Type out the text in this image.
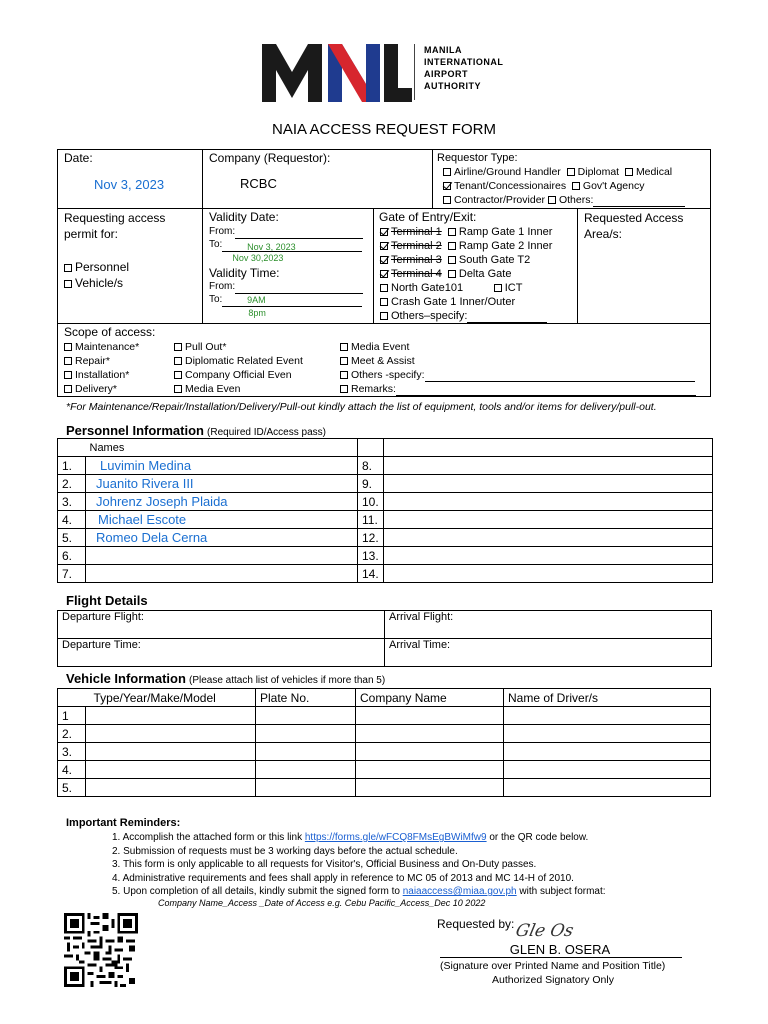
MANILA
INTERNATIONAL
AIRPORT
AUTHORITY
NAIA ACCESS REQUEST FORM
Date:
Nov 3, 2023
Company (Requestor):
RCBC
Requestor Type:
Airline/Ground Handler Diplomat Medical
Tenant/Concessionaires Gov't Agency
Contractor/Provider Others:
Requesting access
permit for:
Personnel
Vehicle/s
Validity Date:
From:
Nov 3, 2023
To:
Nov 30,2023
Validity Time:
From:
9AM
To:
8pm
Gate of Entry/Exit:
Terminal 1 Ramp Gate 1 Inner
Terminal 2 Ramp Gate 2 Inner
Terminal 3 South Gate T2
Terminal 4 Delta Gate
North Gate101	ICT
Crash Gate 1 Inner/Outer
Others–specify:
Requested Access
Area/s:
Scope of access:
Maintenance*
Repair*
Installation*
Delivery*
Pull Out*
Diplomatic Related Event
Company Official Even
Media Even
Media Event
Meet & Assist
Others -specify:
Remarks:
*For Maintenance/Repair/Installation/Delivery/Pull-out kindly attach the list of equipment, tools and/or items for delivery/pull-out.
Personnel Information (Required ID/Access pass)
	Names		
1.	Luvimin Medina	8.	
2.	Juanito Rivera III	9.	
3.	Johrenz Joseph Plaida	10.	
4.	Michael Escote	11.	
5.	Romeo Dela Cerna	12.	
6.		13.	
7.		14.	
Flight Details
Departure Flight:	Arrival Flight:
Departure Time:	Arrival Time:
Vehicle Information (Please attach list of vehicles if more than 5)
	Type/Year/Make/Model	Plate No.	Company Name	Name of Driver/s
1				
2.				
3.				
4.				
5.				
Important Reminders:
1. Accomplish the attached form or this link https://forms.gle/wFCQ8FMsEgBWiMfw9 or the QR code below.
2. Submission of requests must be 3 working days before the actual schedule.
3. This form is only applicable to all requests for Visitor's, Official Business and On-Duty passes.
4. Administrative requirements and fees shall apply in reference to MC 05 of 2013 and MC 14-H of 2010.
5. Upon completion of all details, kindly submit the signed form to naiaaccess@miaa.gov.ph with subject format:
Company Name_Access _Date of Access e.g. Cebu Pacific_Access_Dec 10 2022
Requested by: Gle Os
GLEN B. OSERA
(Signature over Printed Name and Position Title)
Authorized Signatory Only
